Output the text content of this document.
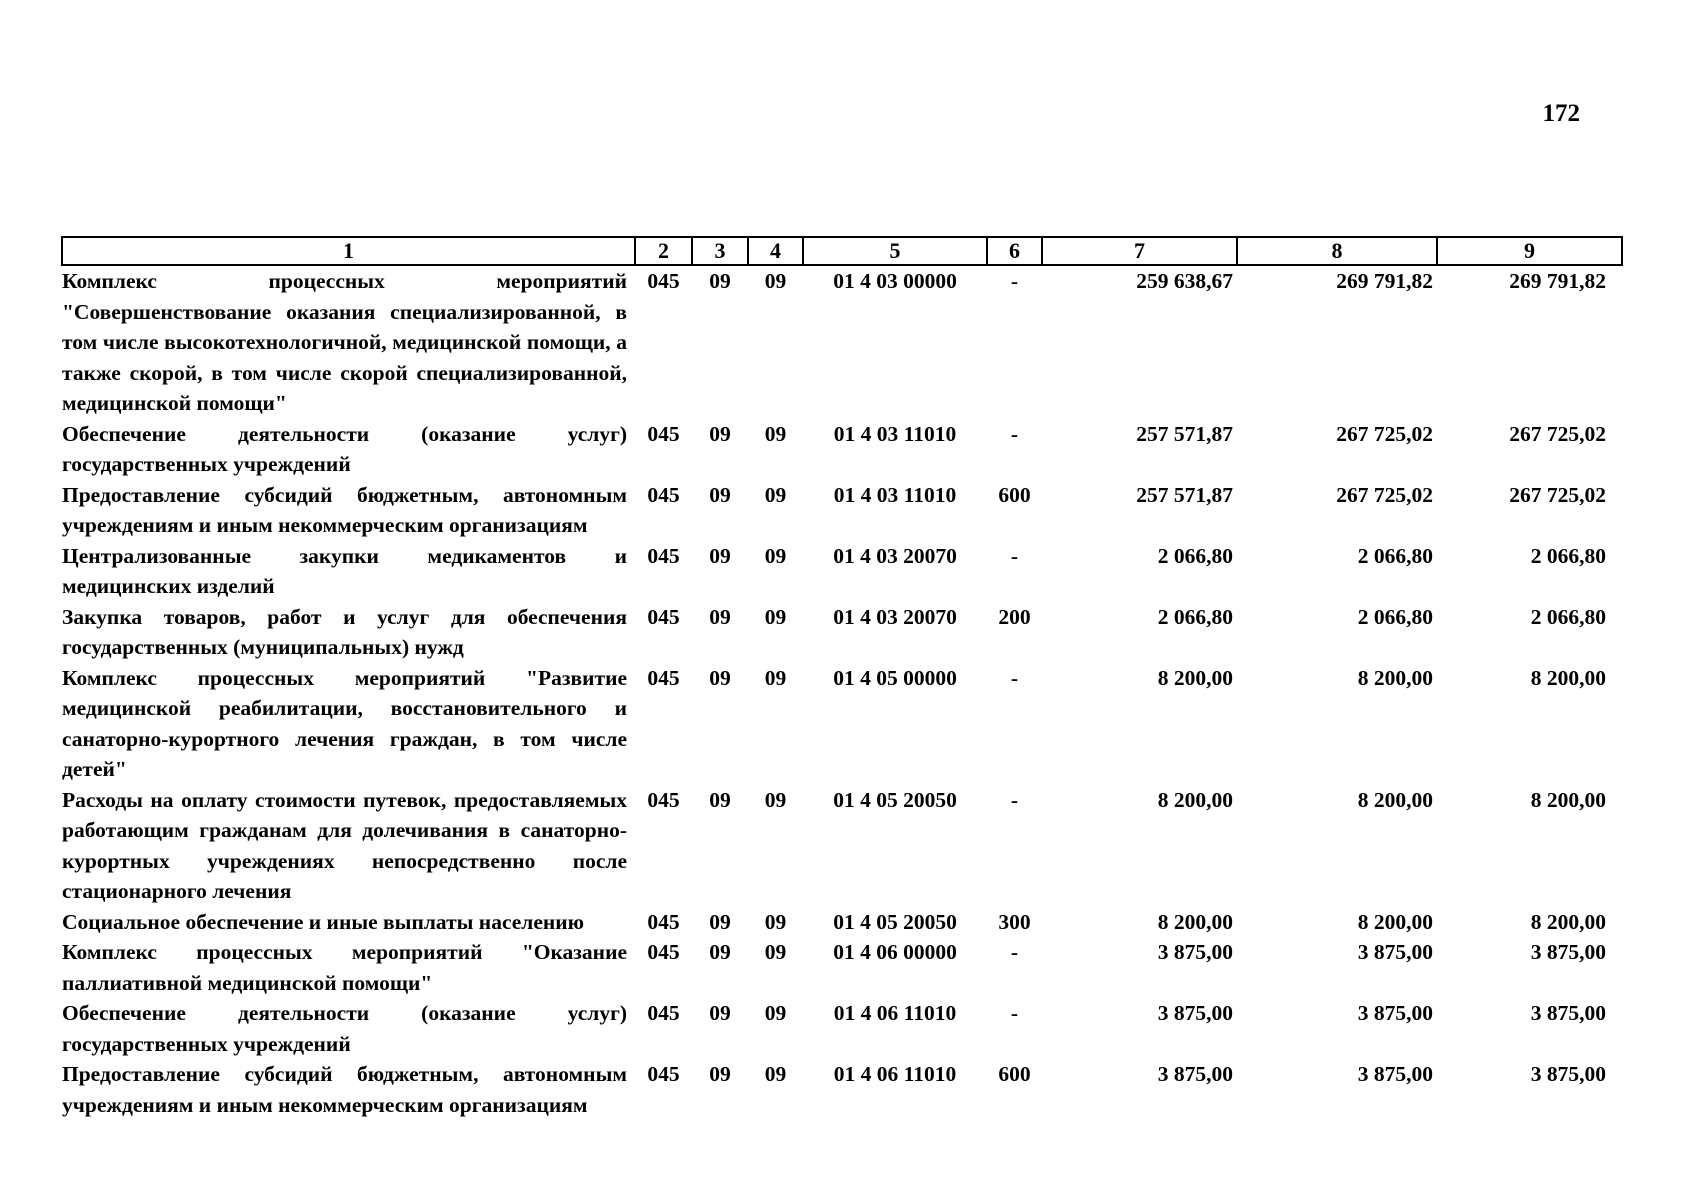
172
1	2	3	4	5	6	7	8	9
Комплекс процессных мероприятий "Совершенствование оказания специализированной, в том числе высокотехнологичной, медицинской помощи, а также скорой, в том числе скорой специализированной, медицинской помощи"	045	09	09	01 4 03 00000	-	259 638,67	269 791,82	269 791,82
Обеспечение деятельности (оказание услуг) государственных учреждений	045	09	09	01 4 03 11010	-	257 571,87	267 725,02	267 725,02
Предоставление субсидий бюджетным, автономным учреждениям и иным некоммерческим организациям	045	09	09	01 4 03 11010	600	257 571,87	267 725,02	267 725,02
Централизованные закупки медикаментов и медицинских изделий	045	09	09	01 4 03 20070	-	2 066,80	2 066,80	2 066,80
Закупка товаров, работ и услуг для обеспечения государственных (муниципальных) нужд	045	09	09	01 4 03 20070	200	2 066,80	2 066,80	2 066,80
Комплекс процессных мероприятий "Развитие медицинской реабилитации, восстановительного и санаторно-курортного лечения граждан, в том числе детей"	045	09	09	01 4 05 00000	-	8 200,00	8 200,00	8 200,00
Расходы на оплату стоимости путевок, предоставляемых работающим гражданам для долечивания в санаторно-курортных учреждениях непосредственно после стационарного лечения	045	09	09	01 4 05 20050	-	8 200,00	8 200,00	8 200,00
Социальное обеспечение и иные выплаты населению	045	09	09	01 4 05 20050	300	8 200,00	8 200,00	8 200,00
Комплекс процессных мероприятий "Оказание паллиативной медицинской помощи"	045	09	09	01 4 06 00000	-	3 875,00	3 875,00	3 875,00
Обеспечение деятельности (оказание услуг) государственных учреждений	045	09	09	01 4 06 11010	-	3 875,00	3 875,00	3 875,00
Предоставление субсидий бюджетным, автономным учреждениям и иным некоммерческим организациям	045	09	09	01 4 06 11010	600	3 875,00	3 875,00	3 875,00
